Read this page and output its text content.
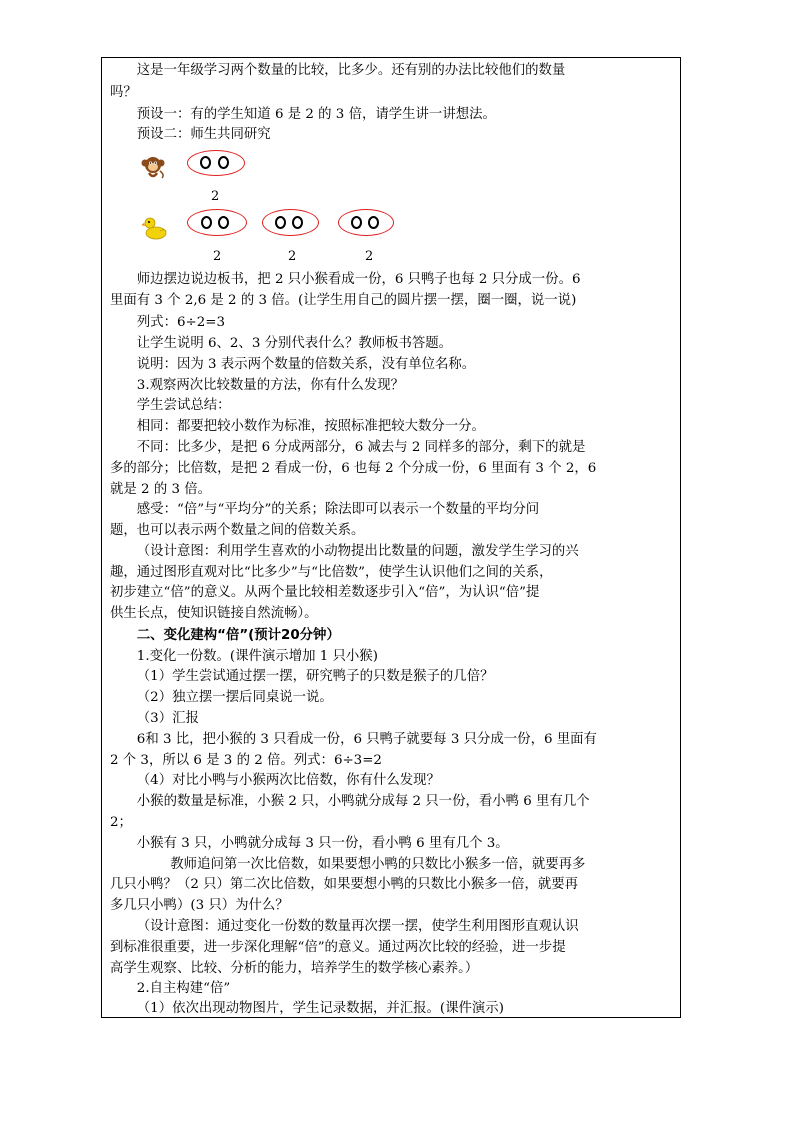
这是一年级学习两个数量的比较，比多少。还有别的办法比较他们的数量

吗？

预设一：有的学生知道 6 是 2 的 3 倍，请学生讲一讲想法。

预设二：师生共同研究

2
2	2	2

师边摆边说边板书，把 2 只小猴看成一份，6 只鸭子也每 2 只分成一份。6

里面有 3 个 2,6 是 2 的 3 倍。(让学生用自己的圆片摆一摆，圈一圈，说一说)

列式：6÷2=3

让学生说明 6、2、3 分别代表什么？教师板书答题。

说明：因为 3 表示两个数量的倍数关系，没有单位名称。

3.观察两次比较数量的方法，你有什么发现？

学生尝试总结：

相同：都要把较小数作为标准，按照标准把较大数分一分。

不同：比多少，是把 6 分成两部分，6 减去与 2 同样多的部分，剩下的就是

多的部分；比倍数，是把 2 看成一份，6 也每 2 个分成一份，6 里面有 3 个 2，6

就是 2 的 3 倍。

感受：“倍”与“平均分”的关系；除法即可以表示一个数量的平均分问

题，也可以表示两个数量之间的倍数关系。

（设计意图：利用学生喜欢的小动物提出比数量的问题，激发学生学习的兴

趣，通过图形直观对比“比多少”与“比倍数”，使学生认识他们之间的关系，

初步建立“倍”的意义。从两个量比较相差数逐步引入“倍”，为认识“倍”提

供生长点，使知识链接自然流畅）。

二、变化建构“倍”(预计20分钟）

1.变化一份数。(课件演示增加 1 只小猴)

（1）学生尝试通过摆一摆，研究鸭子的只数是猴子的几倍？

（2）独立摆一摆后同桌说一说。

（3）汇报

6和 3 比，把小猴的 3 只看成一份，6 只鸭子就要每 3 只分成一份，6 里面有

2 个 3，所以 6 是 3 的 2 倍。列式：6÷3=2

（4）对比小鸭与小猴两次比倍数，你有什么发现？

小猴的数量是标准，小猴 2 只，小鸭就分成每 2 只一份，看小鸭 6 里有几个

2；

小猴有 3 只，小鸭就分成每 3 只一份，看小鸭 6 里有几个 3。

教师追问第一次比倍数，如果要想小鸭的只数比小猴多一倍，就要再多

几只小鸭？（2 只）第二次比倍数，如果要想小鸭的只数比小猴多一倍，就要再

多几只小鸭）(3 只）为什么？

（设计意图：通过变化一份数的数量再次摆一摆，使学生利用图形直观认识

到标准很重要，进一步深化理解“倍”的意义。通过两次比较的经验，进一步提

高学生观察、比较、分析的能力，培养学生的数学核心素养。）

2.自主构建“倍”

（1）依次出现动物图片，学生记录数据，并汇报。(课件演示)
